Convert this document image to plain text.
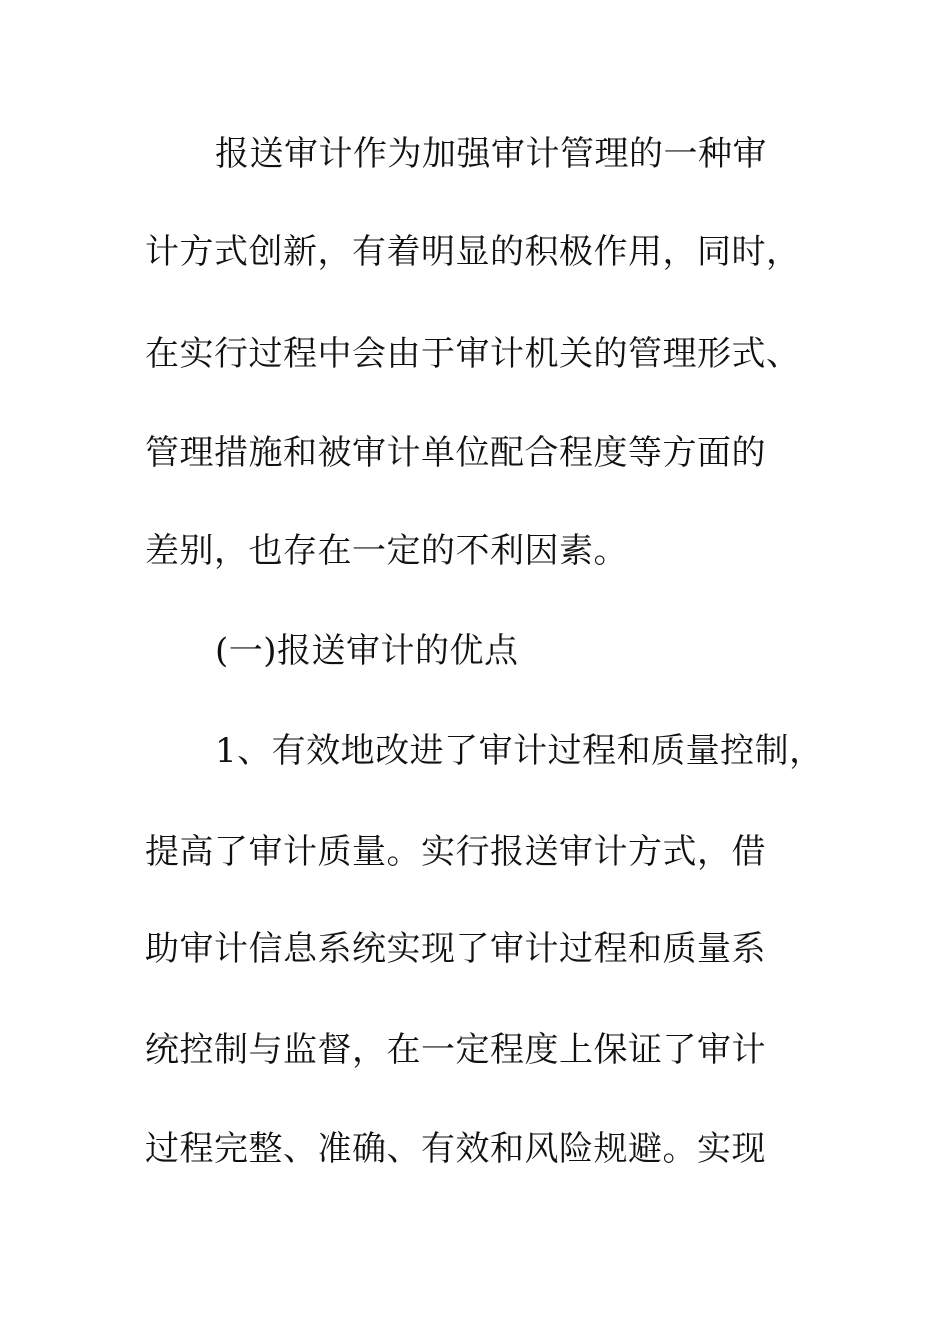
报送审计作为加强审计管理的一种审
计方式创新，有着明显的积极作用，同时，
在实行过程中会由于审计机关的管理形式、
管理措施和被审计单位配合程度等方面的
差别，也存在一定的不利因素。
(一)报送审计的优点
1、有效地改进了审计过程和质量控制，
提高了审计质量。实行报送审计方式，借
助审计信息系统实现了审计过程和质量系
统控制与监督，在一定程度上保证了审计
过程完整、准确、有效和风险规避。实现
